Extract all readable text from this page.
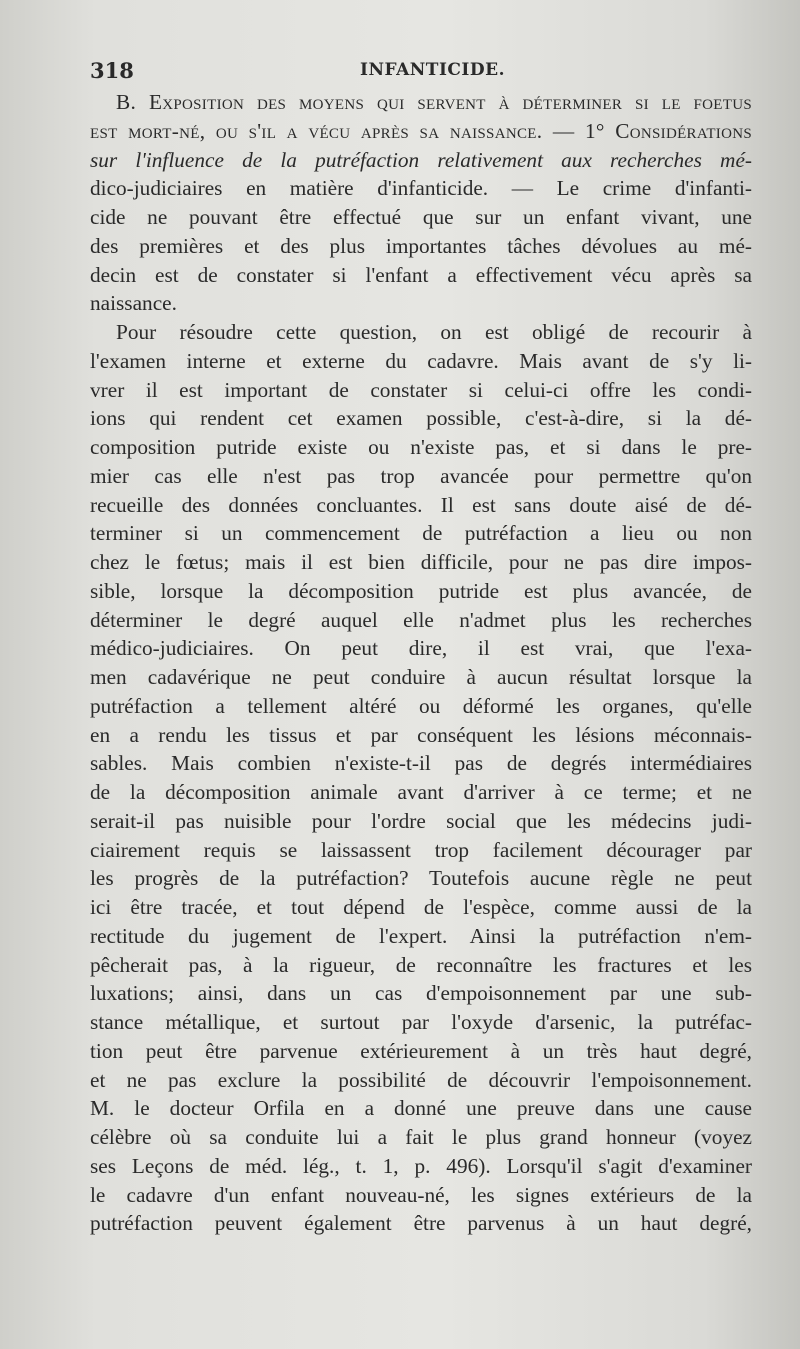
318	INFANTICIDE.
B. Exposition des moyens qui servent à déterminer si le foetus
est mort-né, ou s'il a vécu après sa naissance. — 1° Considérations
sur l'influence de la putréfaction relativement aux recherches mé-
dico-judiciaires en matière d'infanticide. — Le crime d'infanti-
cide ne pouvant être effectué que sur un enfant vivant, une
des premières et des plus importantes tâches dévolues au mé-
decin est de constater si l'enfant a effectivement vécu après sa
naissance.
Pour résoudre cette question, on est obligé de recourir à
l'examen interne et externe du cadavre. Mais avant de s'y li-
vrer il est important de constater si celui-ci offre les condi-
ions qui rendent cet examen possible, c'est-à-dire, si la dé-
composition putride existe ou n'existe pas, et si dans le pre-
mier cas elle n'est pas trop avancée pour permettre qu'on
recueille des données concluantes. Il est sans doute aisé de dé-
terminer si un commencement de putréfaction a lieu ou non
chez le fœtus; mais il est bien difficile, pour ne pas dire impos-
sible, lorsque la décomposition putride est plus avancée, de
déterminer le degré auquel elle n'admet plus les recherches
médico-judiciaires. On peut dire, il est vrai, que l'exa-
men cadavérique ne peut conduire à aucun résultat lorsque la
putréfaction a tellement altéré ou déformé les organes, qu'elle
en a rendu les tissus et par conséquent les lésions méconnais-
sables. Mais combien n'existe-t-il pas de degrés intermédiaires
de la décomposition animale avant d'arriver à ce terme; et ne
serait-il pas nuisible pour l'ordre social que les médecins judi-
ciairement requis se laissassent trop facilement décourager par
les progrès de la putréfaction? Toutefois aucune règle ne peut
ici être tracée, et tout dépend de l'espèce, comme aussi de la
rectitude du jugement de l'expert. Ainsi la putréfaction n'em-
pêcherait pas, à la rigueur, de reconnaître les fractures et les
luxations; ainsi, dans un cas d'empoisonnement par une sub-
stance métallique, et surtout par l'oxyde d'arsenic, la putréfac-
tion peut être parvenue extérieurement à un très haut degré,
et ne pas exclure la possibilité de découvrir l'empoisonnement.
M. le docteur Orfila en a donné une preuve dans une cause
célèbre où sa conduite lui a fait le plus grand honneur (voyez
ses Leçons de méd. lég., t. 1, p. 496). Lorsqu'il s'agit d'examiner
le cadavre d'un enfant nouveau-né, les signes extérieurs de la
putréfaction peuvent également être parvenus à un haut degré,
